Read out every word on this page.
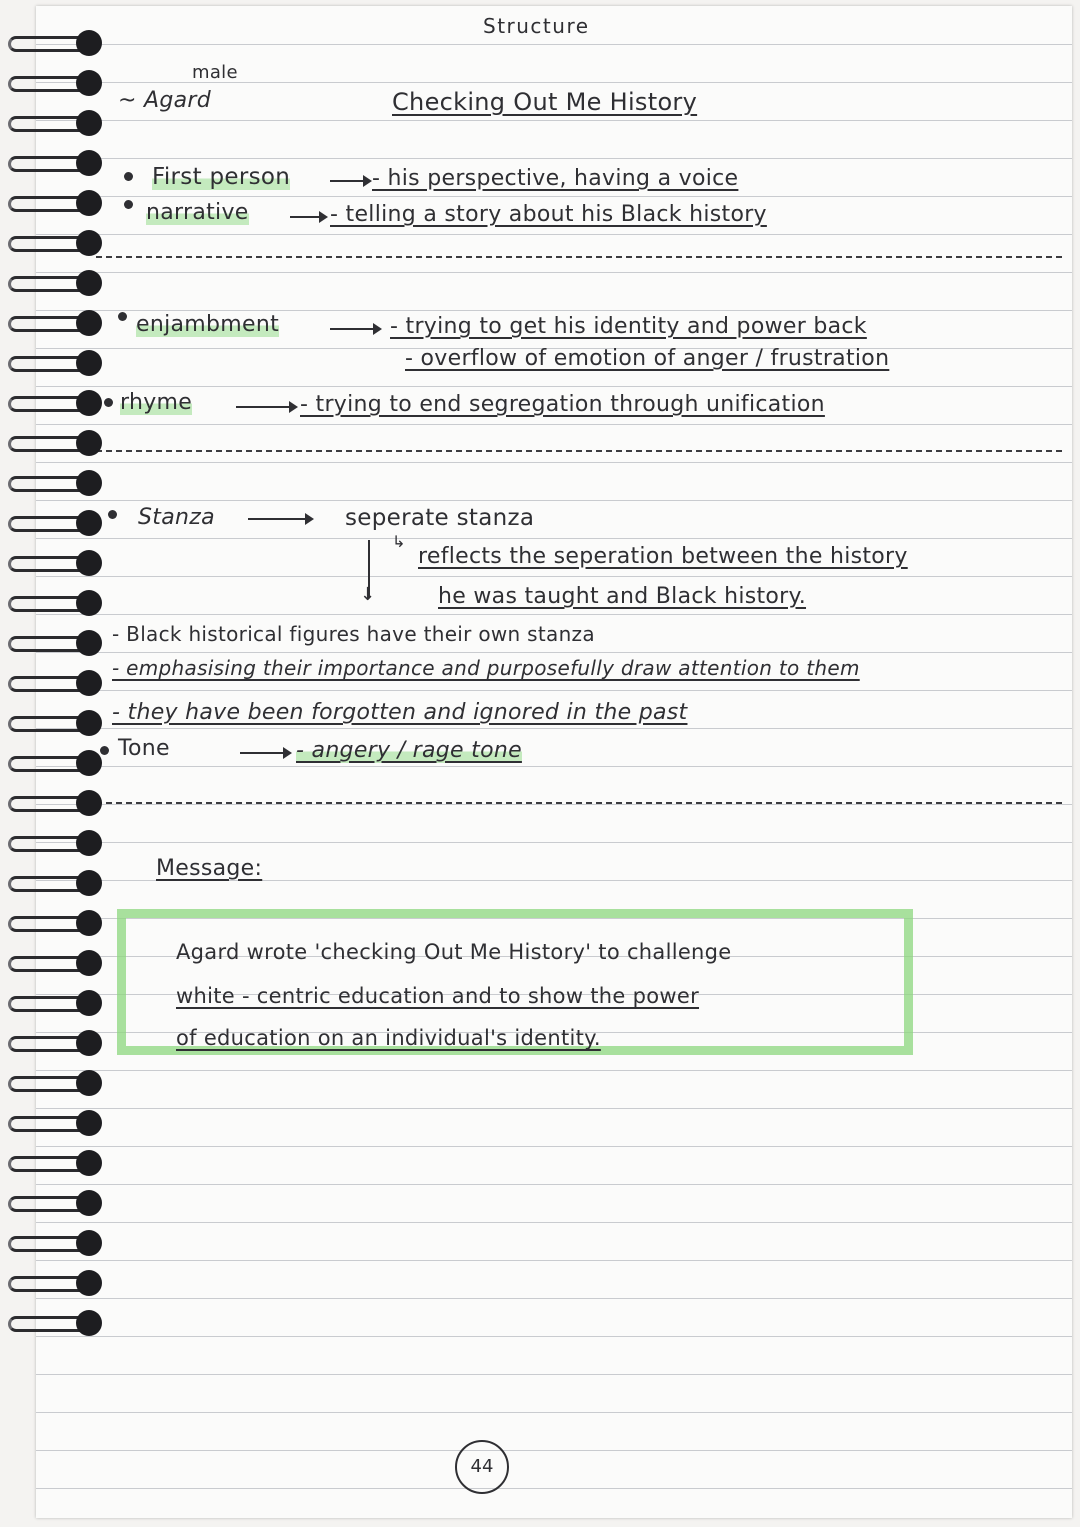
Structure
male
~ Agard	Checking Out Me History
First person	- his perspective, having a voice
narrative	- telling a story about his Black history
enjambment	- trying to get his identity and power back
- overflow of emotion of anger / frustration
rhyme	- trying to end segregation through unification
Stanza	seperate stanza
↓
↳
reflects the seperation between the history
he was taught and Black history.
- Black historical figures have their own stanza
- emphasising their importance and purposefully draw attention to them
- they have been forgotten and ignored in the past
Tone	- angery / rage tone
Message:
Agard wrote 'checking Out Me History' to challenge
white - centric education and to show the power
of education on an individual's identity.
44
